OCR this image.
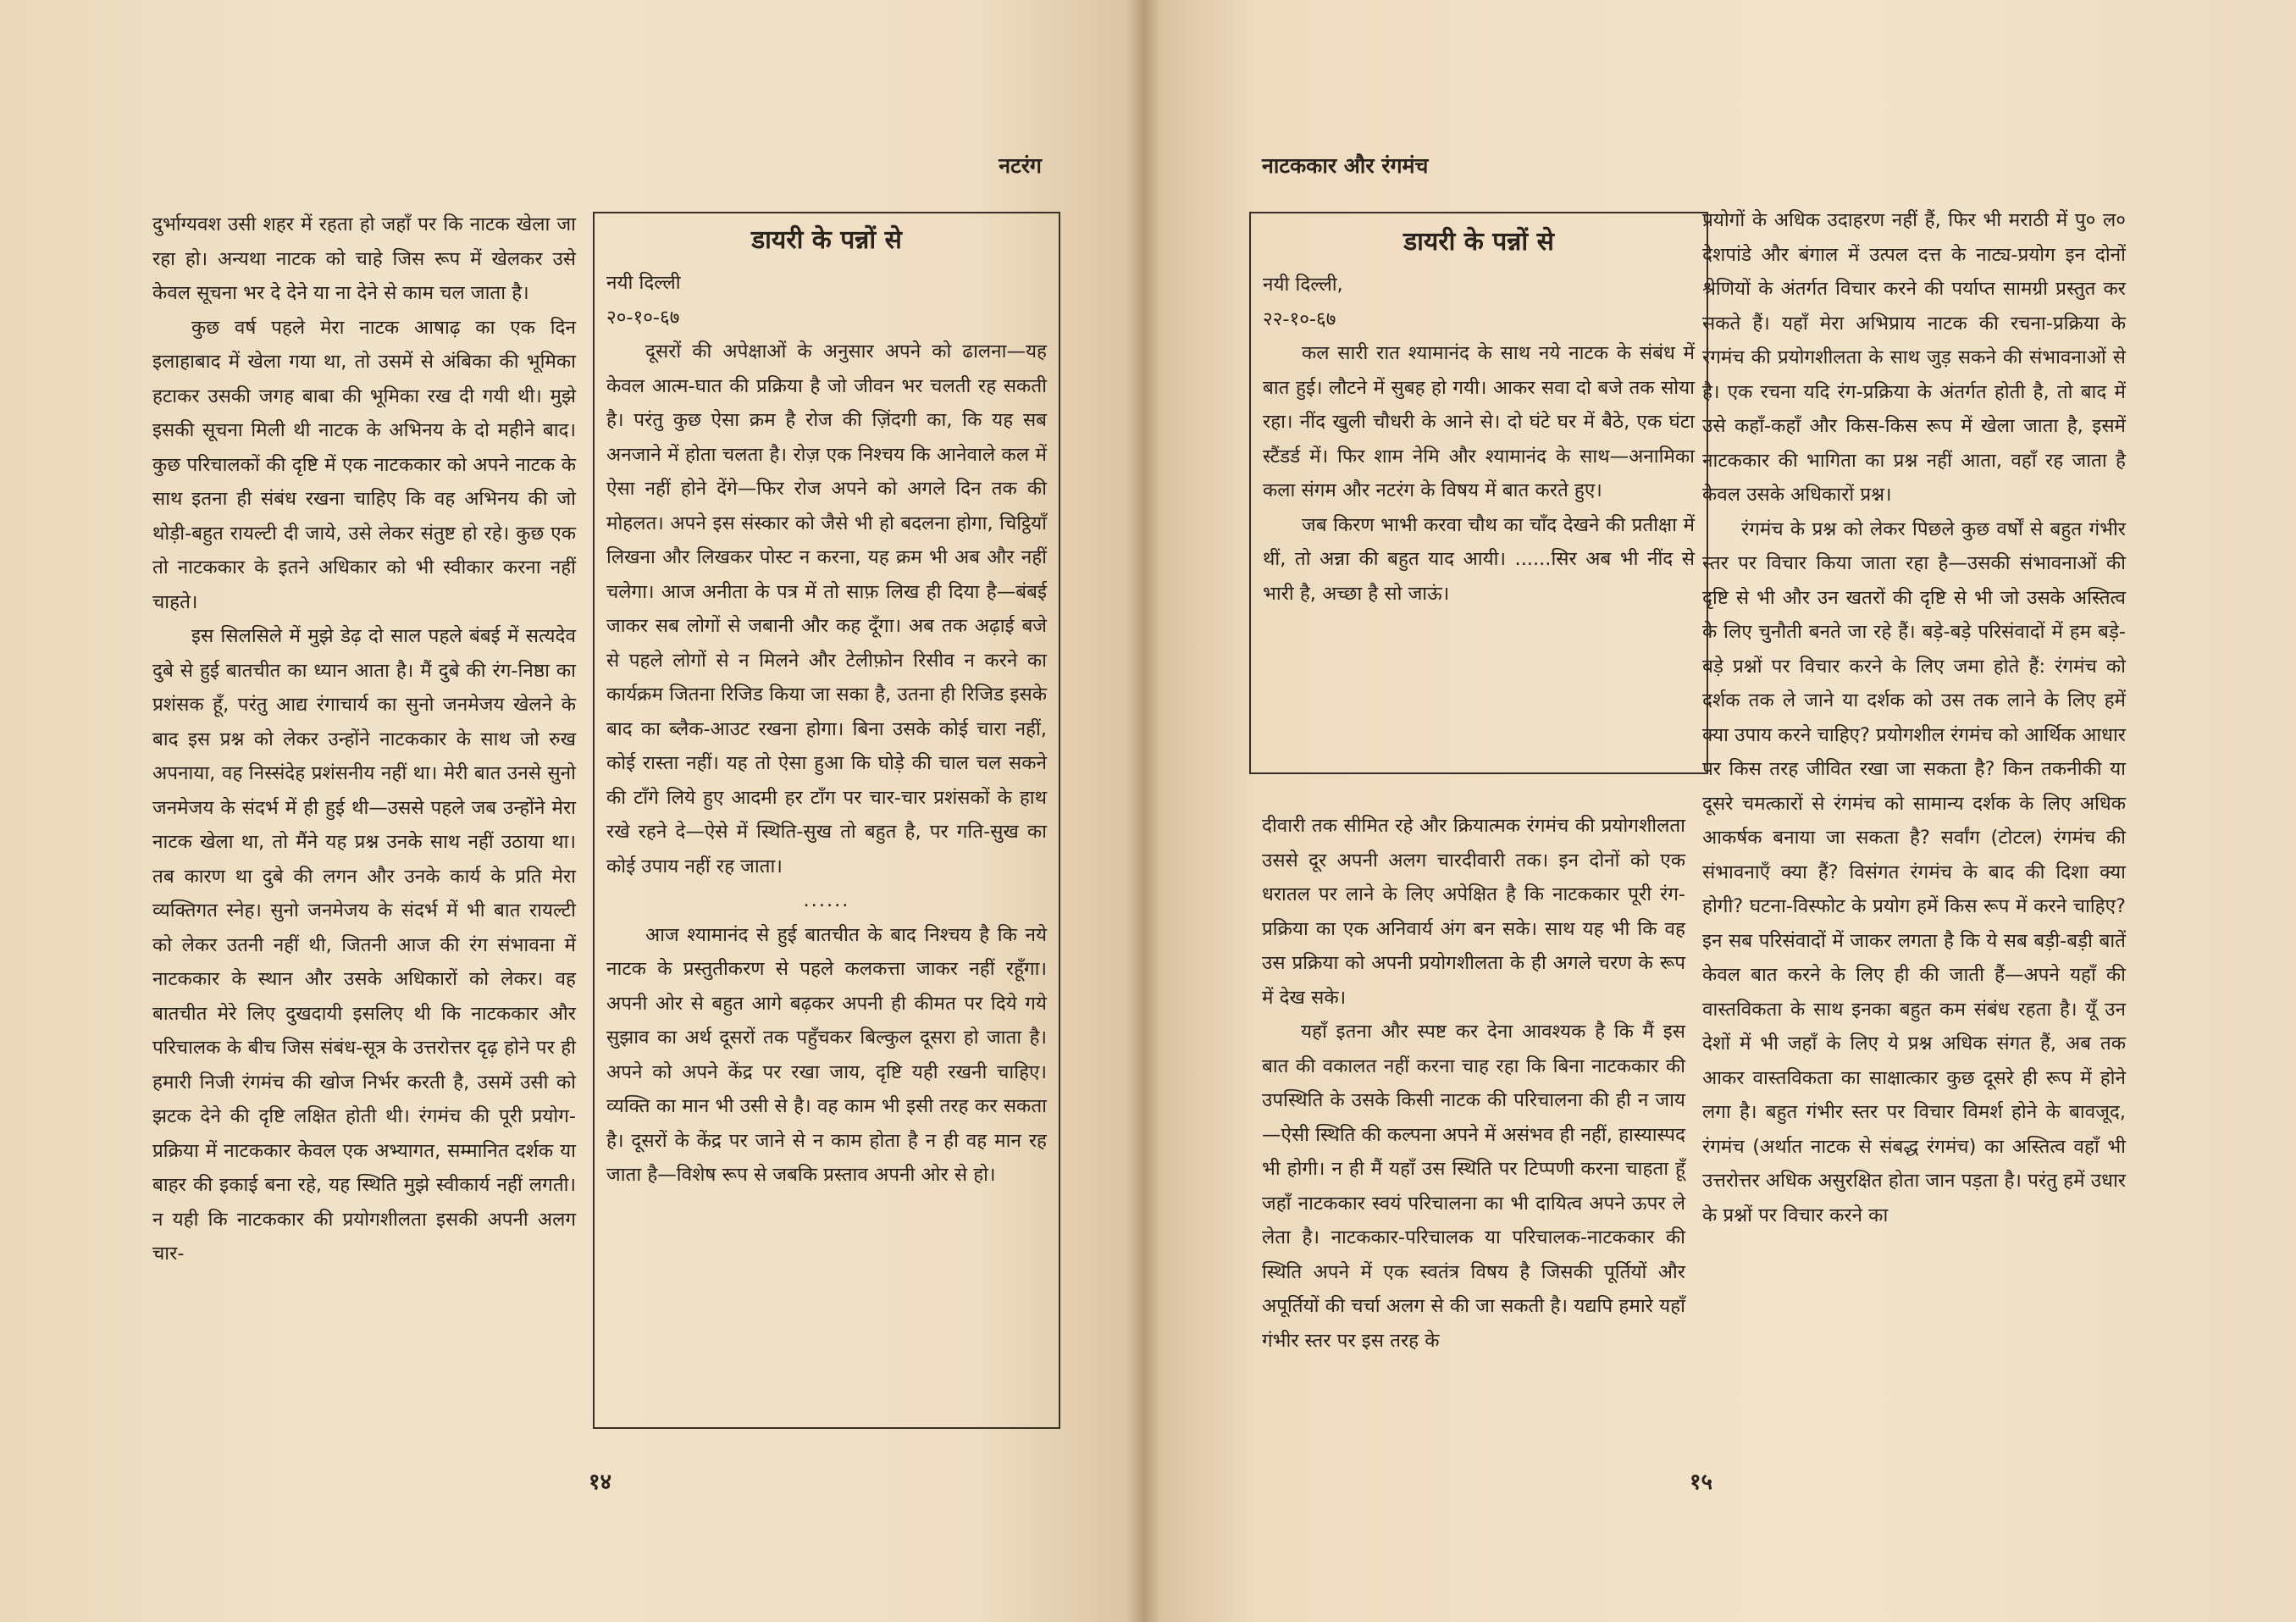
नटरंग

दुर्भाग्यवश उसी शहर में रहता हो जहाँ पर कि नाटक खेला जा रहा हो। अन्यथा नाटक को चाहे जिस रूप में खेलकर उसे केवल सूचना भर दे देने या ना देने से काम चल जाता है।

कुछ वर्ष पहले मेरा नाटक आषाढ़ का एक दिन इलाहाबाद में खेला गया था, तो उसमें से अंबिका की भूमिका हटाकर उसकी जगह बाबा की भूमिका रख दी गयी थी। मुझे इसकी सूचना मिली थी नाटक के अभिनय के दो महीने बाद। कुछ परिचालकों की दृष्टि में एक नाटककार को अपने नाटक के साथ इतना ही संबंध रखना चाहिए कि वह अभिनय की जो थोड़ी-बहुत रायल्टी दी जाये, उसे लेकर संतुष्ट हो रहे। कुछ एक तो नाटककार के इतने अधिकार को भी स्वीकार करना नहीं चाहते।

इस सिलसिले में मुझे डेढ़ दो साल पहले बंबई में सत्यदेव दुबे से हुई बातचीत का ध्यान आता है। मैं दुबे की रंग-निष्ठा का प्रशंसक हूँ, परंतु आद्य रंगाचार्य का सुनो जनमेजय खेलने के बाद इस प्रश्न को लेकर उन्होंने नाटककार के साथ जो रुख अपनाया, वह निस्संदेह प्रशंसनीय नहीं था। मेरी बात उनसे सुनो जनमेजय के संदर्भ में ही हुई थी—उससे पहले जब उन्होंने मेरा नाटक खेला था, तो मैंने यह प्रश्न उनके साथ नहीं उठाया था। तब कारण था दुबे की लगन और उनके कार्य के प्रति मेरा व्यक्तिगत स्नेह। सुनो जनमेजय के संदर्भ में भी बात रायल्टी को लेकर उतनी नहीं थी, जितनी आज की रंग संभावना में नाटककार के स्थान और उसके अधिकारों को लेकर। वह बातचीत मेरे लिए दुखदायी इसलिए थी कि नाटककार और परिचालक के बीच जिस संबंध-सूत्र के उत्तरोत्तर दृढ़ होने पर ही हमारी निजी रंगमंच की खोज निर्भर करती है, उसमें उसी को झटक देने की दृष्टि लक्षित होती थी। रंगमंच की पूरी प्रयोग-प्रक्रिया में नाटककार केवल एक अभ्यागत, सम्मानित दर्शक या बाहर की इकाई बना रहे, यह स्थिति मुझे स्वीकार्य नहीं लगती। न यही कि नाटककार की प्रयोगशीलता इसकी अपनी अलग चार-

डायरी के पन्नों से
नयी दिल्ली
२०-१०-६७

दूसरों की अपेक्षाओं के अनुसार अपने को ढालना—यह केवल आत्म-घात की प्रक्रिया है जो जीवन भर चलती रह सकती है। परंतु कुछ ऐसा क्रम है रोज की ज़िंदगी का, कि यह सब अनजाने में होता चलता है। रोज़ एक निश्चय कि आनेवाले कल में ऐसा नहीं होने देंगे—फिर रोज अपने को अगले दिन तक की मोहलत। अपने इस संस्कार को जैसे भी हो बदलना होगा, चिट्ठियाँ लिखना और लिखकर पोस्ट न करना, यह क्रम भी अब और नहीं चलेगा। आज अनीता के पत्र में तो साफ़ लिख ही दिया है—बंबई जाकर सब लोगों से जबानी और कह दूँगा। अब तक अढ़ाई बजे से पहले लोगों से न मिलने और टेलीफ़ोन रिसीव न करने का कार्यक्रम जितना रिजिड किया जा सका है, उतना ही रिजिड इसके बाद का ब्लैक-आउट रखना होगा। बिना उसके कोई चारा नहीं, कोई रास्ता नहीं। यह तो ऐसा हुआ कि घोड़े की चाल चल सकने की टाँगे लिये हुए आदमी हर टाँग पर चार-चार प्रशंसकों के हाथ रखे रहने दे—ऐसे में स्थिति-सुख तो बहुत है, पर गति-सुख का कोई उपाय नहीं रह जाता।

......

आज श्यामानंद से हुई बातचीत के बाद निश्चय है कि नये नाटक के प्रस्तुतीकरण से पहले कलकत्ता जाकर नहीं रहूँगा। अपनी ओर से बहुत आगे बढ़कर अपनी ही कीमत पर दिये गये सुझाव का अर्थ दूसरों तक पहुँचकर बिल्कुल दूसरा हो जाता है। अपने को अपने केंद्र पर रखा जाय, दृष्टि यही रखनी चाहिए। व्यक्ति का मान भी उसी से है। वह काम भी इसी तरह कर सकता है। दूसरों के केंद्र पर जाने से न काम होता है न ही वह मान रह जाता है—विशेष रूप से जबकि प्रस्ताव अपनी ओर से हो।

१४
नाटककार और रंगमंच
डायरी के पन्नों से
नयी दिल्ली,
२२-१०-६७

कल सारी रात श्यामानंद के साथ नये नाटक के संबंध में बात हुई। लौटने में सुबह हो गयी। आकर सवा दो बजे तक सोया रहा। नींद खुली चौधरी के आने से। दो घंटे घर में बैठे, एक घंटा स्टैंडर्ड में। फिर शाम नेमि और श्यामानंद के साथ—अनामिका कला संगम और नटरंग के विषय में बात करते हुए।

जब किरण भाभी करवा चौथ का चाँद देखने की प्रतीक्षा में थीं, तो अन्ना की बहुत याद आयी। ......सिर अब भी नींद से भारी है, अच्छा है सो जाऊं।

दीवारी तक सीमित रहे और क्रियात्मक रंगमंच की प्रयोगशीलता उससे दूर अपनी अलग चारदीवारी तक। इन दोनों को एक धरातल पर लाने के लिए अपेक्षित है कि नाटककार पूरी रंग-प्रक्रिया का एक अनिवार्य अंग बन सके। साथ यह भी कि वह उस प्रक्रिया को अपनी प्रयोगशीलता के ही अगले चरण के रूप में देख सके।

यहाँ इतना और स्पष्ट कर देना आवश्यक है कि मैं इस बात की वकालत नहीं करना चाह रहा कि बिना नाटककार की उपस्थिति के उसके किसी नाटक की परिचालना की ही न जाय—ऐसी स्थिति की कल्पना अपने में असंभव ही नहीं, हास्यास्पद भी होगी। न ही मैं यहाँ उस स्थिति पर टिप्पणी करना चाहता हूँ जहाँ नाटककार स्वयं परिचालना का भी दायित्व अपने ऊपर ले लेता है। नाटककार-परिचालक या परिचालक-नाटककार की स्थिति अपने में एक स्वतंत्र विषय है जिसकी पूर्तियों और अपूर्तियों की चर्चा अलग से की जा सकती है। यद्यपि हमारे यहाँ गंभीर स्तर पर इस तरह के

प्रयोगों के अधिक उदाहरण नहीं हैं, फिर भी मराठी में पु० ल० देशपांडे और बंगाल में उत्पल दत्त के नाट्य-प्रयोग इन दोनों श्रेणियों के अंतर्गत विचार करने की पर्याप्त सामग्री प्रस्तुत कर सकते हैं। यहाँ मेरा अभिप्राय नाटक की रचना-प्रक्रिया के रंगमंच की प्रयोगशीलता के साथ जुड़ सकने की संभावनाओं से है। एक रचना यदि रंग-प्रक्रिया के अंतर्गत होती है, तो बाद में उसे कहाँ-कहाँ और किस-किस रूप में खेला जाता है, इसमें नाटककार की भागिता का प्रश्न नहीं आता, वहाँ रह जाता है केवल उसके अधिकारों प्रश्न।

रंगमंच के प्रश्न को लेकर पिछले कुछ वर्षों से बहुत गंभीर स्तर पर विचार किया जाता रहा है—उसकी संभावनाओं की दृष्टि से भी और उन खतरों की दृष्टि से भी जो उसके अस्तित्व के लिए चुनौती बनते जा रहे हैं। बड़े-बड़े परिसंवादों में हम बड़े-बड़े प्रश्नों पर विचार करने के लिए जमा होते हैं: रंगमंच को दर्शक तक ले जाने या दर्शक को उस तक लाने के लिए हमें क्या उपाय करने चाहिए? प्रयोगशील रंगमंच को आर्थिक आधार पर किस तरह जीवित रखा जा सकता है? किन तकनीकी या दूसरे चमत्कारों से रंगमंच को सामान्य दर्शक के लिए अधिक आकर्षक बनाया जा सकता है? सर्वांग (टोटल) रंगमंच की संभावनाएँ क्या हैं? विसंगत रंगमंच के बाद की दिशा क्या होगी? घटना-विस्फोट के प्रयोग हमें किस रूप में करने चाहिए? इन सब परिसंवादों में जाकर लगता है कि ये सब बड़ी-बड़ी बातें केवल बात करने के लिए ही की जाती हैं—अपने यहाँ की वास्तविकता के साथ इनका बहुत कम संबंध रहता है। यूँ उन देशों में भी जहाँ के लिए ये प्रश्न अधिक संगत हैं, अब तक आकर वास्तविकता का साक्षात्कार कुछ दूसरे ही रूप में होने लगा है। बहुत गंभीर स्तर पर विचार विमर्श होने के बावजूद, रंगमंच (अर्थात नाटक से संबद्ध रंगमंच) का अस्तित्व वहाँ भी उत्तरोत्तर अधिक असुरक्षित होता जान पड़ता है। परंतु हमें उधार के प्रश्नों पर विचार करने का

१५
